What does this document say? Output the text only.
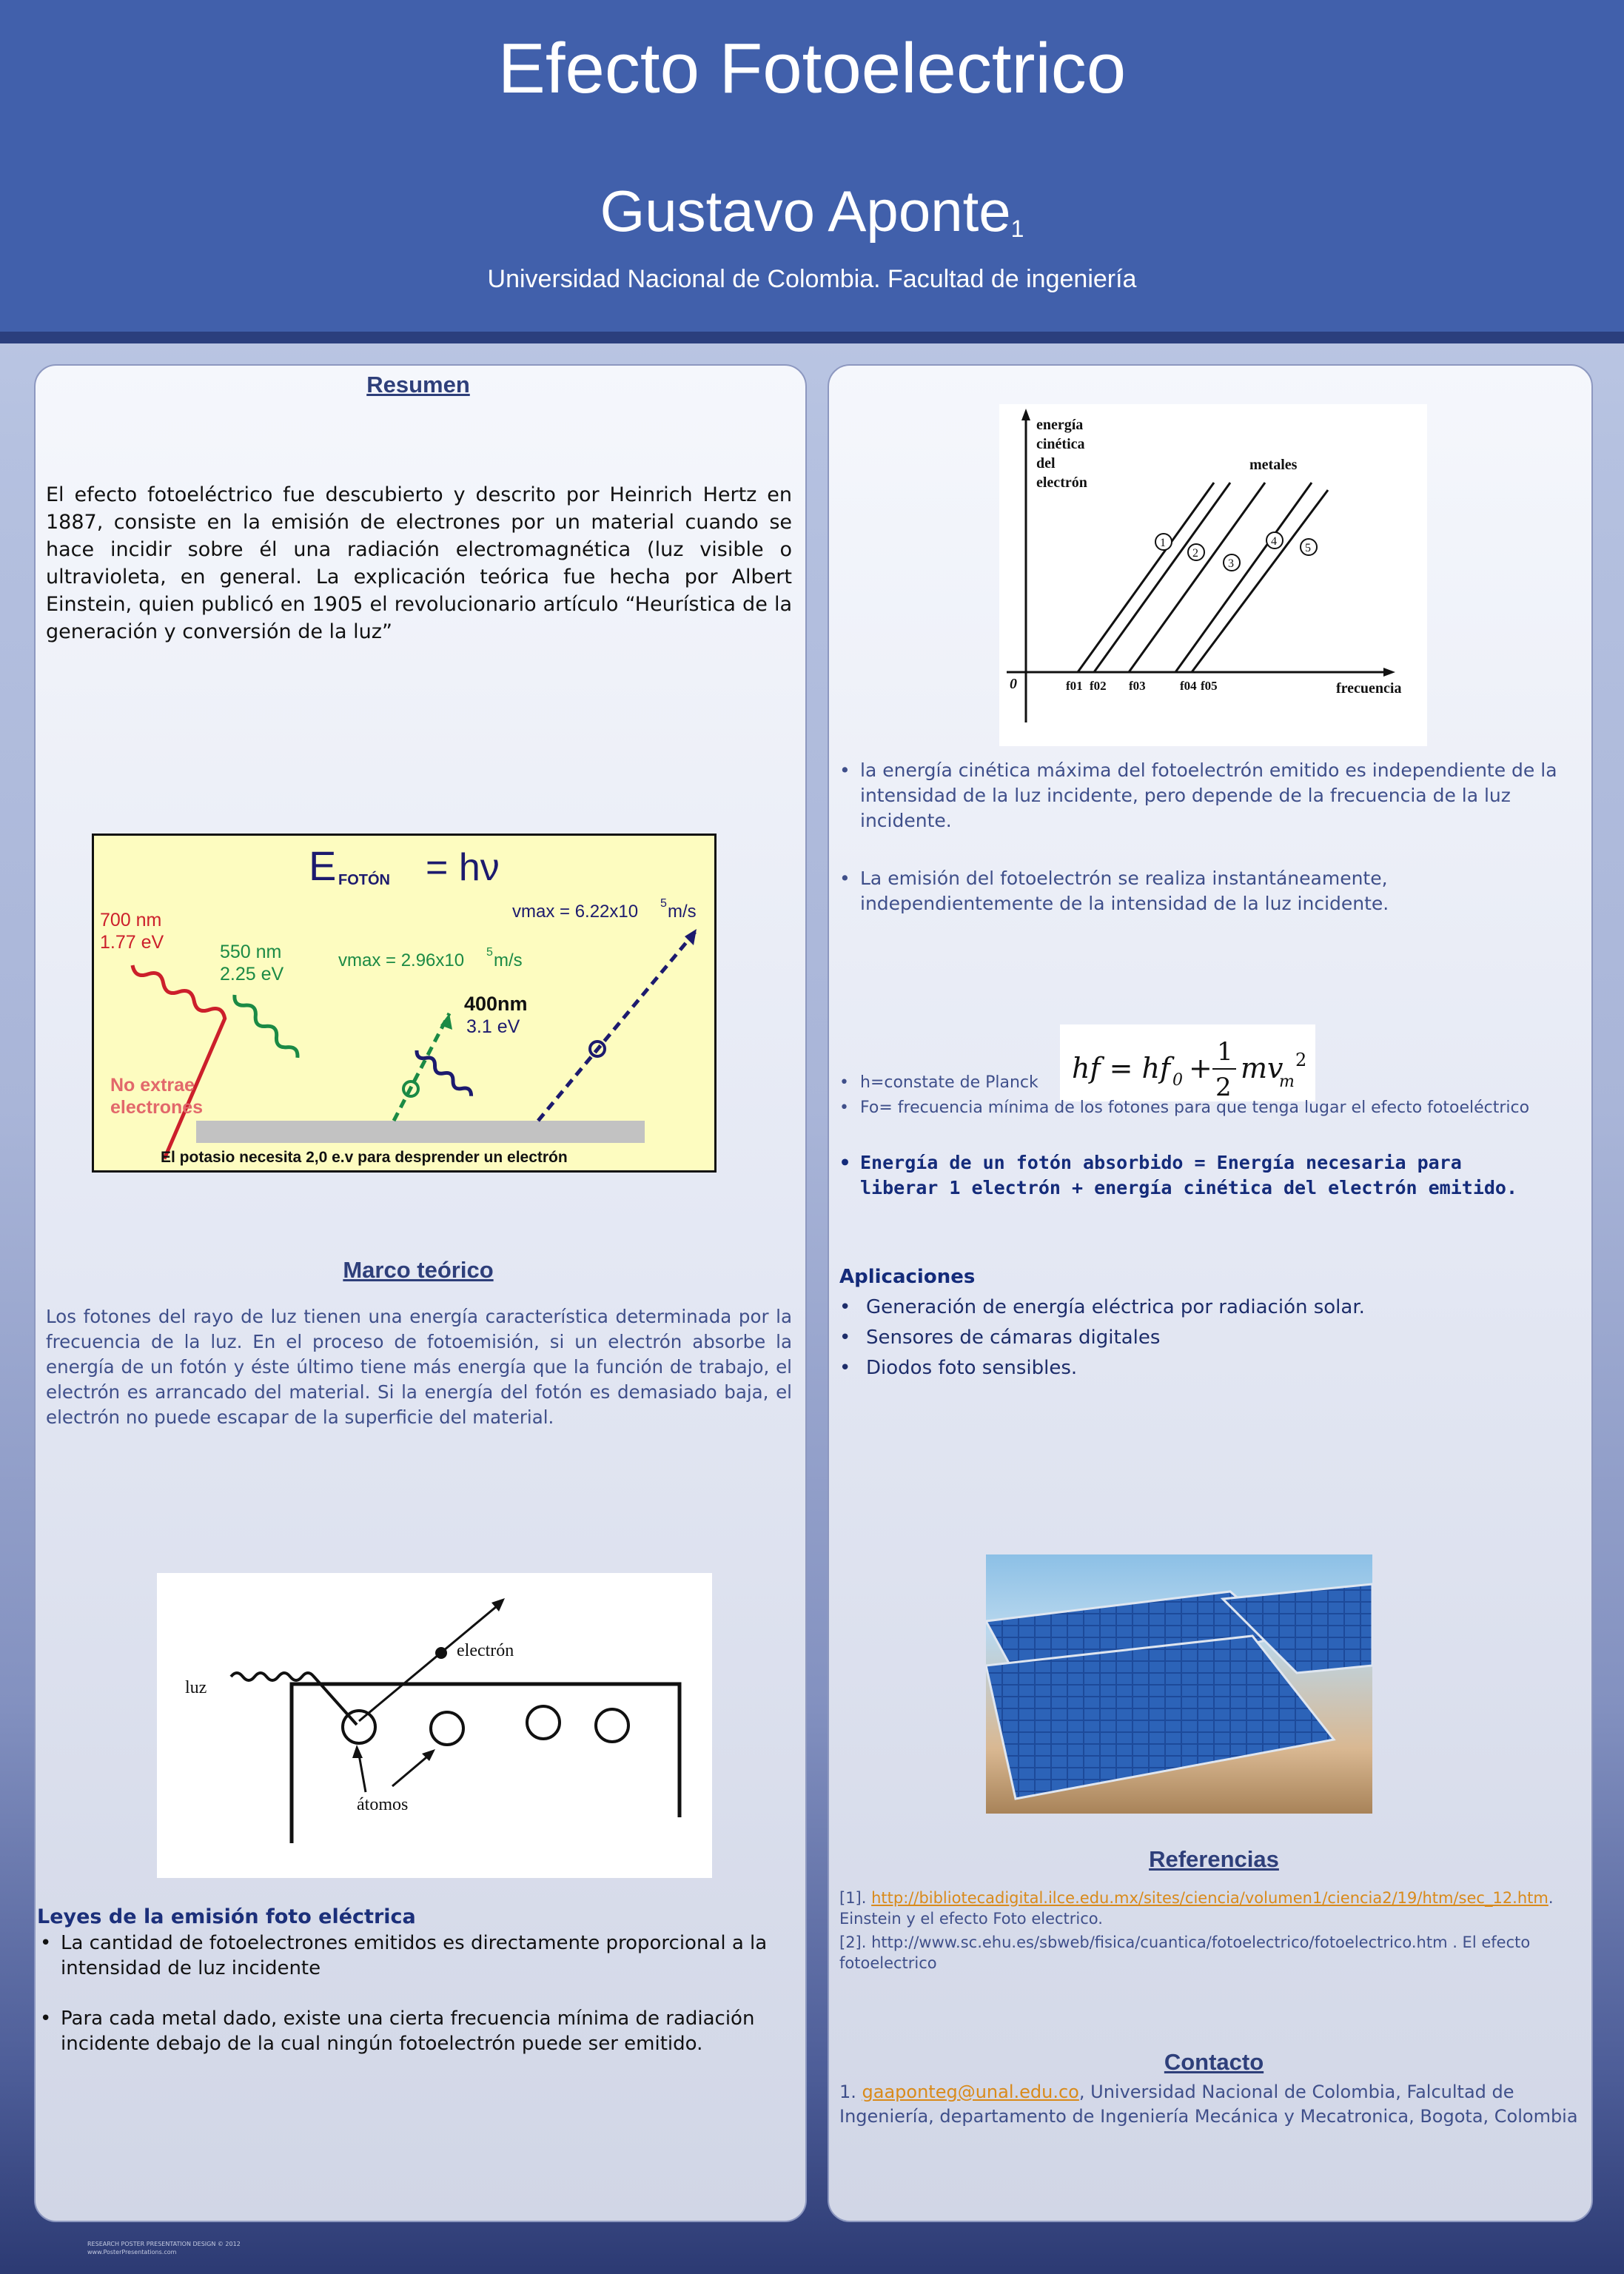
Efecto Fotoelectrico
Gustavo Aponte$^1$
Universidad Nacional de Colombia. Facultad de ingeniería
Resumen
El efecto fotoeléctrico fue descubierto y descrito por Heinrich Hertz en 1887, consiste en la emisión de electrones por un material cuando se hace incidir sobre él una radiación electromagnética (luz visible o ultravioleta, en general. La explicación teórica fue hecha por Albert Einstein, quien publicó en 1905 el revolucionario artículo “Heurística de la generación y conversión de la luz”
E FOTÓN = hν
700 nm
1.77 eV	550 nm
2.25 eV
vmax = 2.96x10 5 m/s
vmax = 6.22x10 5 m/s
400nm
3.1 eV
No extrae
electrones
El potasio necesita 2,0 e.v para desprender un electrón
Marco teórico
Los fotones del rayo de luz tienen una energía característica determinada por la frecuencia de la luz. En el proceso de fotoemisión, si un electrón absorbe la energía de un fotón y éste último tiene más energía que la función de trabajo, el electrón es arrancado del material. Si la energía del fotón es demasiado baja, el electrón no puede escapar de la superficie del material.
electrón
luz
átomos
Leyes de la emisión foto eléctrica
• La cantidad de fotoelectrones emitidos es directamente proporcional a la intensidad de luz incidente
• Para cada metal dado, existe una cierta frecuencia mínima de radiación incidente debajo de la cual ningún fotoelectrón puede ser emitido.
RESEARCH POSTER PRESENTATION DESIGN © 2012
www.PosterPresentations.com
energía
cinética
del
electrón
metales
frecuencia
0
1
2
3
4
5
f01 f02 f03	f04 f05
• la energía cinética máxima del fotoelectrón emitido es independiente de la intensidad de la luz incidente, pero depende de la frecuencia de la luz incidente.
• La emisión del fotoelectrón se realiza instantáneamente, independientemente de la intensidad de la luz incidente.
hf = hf 0 + 1
2
mv
m
2
• h=constate de Planck
• Fo= frecuencia mínima de los fotones para que tenga lugar el efecto fotoeléctrico
• Energía de un fotón absorbido = Energía necesaria para liberar 1 electrón + energía cinética del electrón emitido.
Aplicaciones
• Generación de energía eléctrica por radiación solar.
• Sensores de cámaras digitales
• Diodos foto sensibles.
Referencias
[1]. http://bibliotecadigital.ilce.edu.mx/sites/ciencia/volumen1/ciencia2/19/htm/sec_12.htm. Einstein y el efecto Foto electrico.
[2]. http://www.sc.ehu.es/sbweb/fisica/cuantica/fotoelectrico/fotoelectrico.htm . El efecto fotoelectrico
Contacto
1. gaaponteg@unal.edu.co, Universidad Nacional de Colombia, Falcultad de Ingeniería, departamento de Ingeniería Mecánica y Mecatronica, Bogota, Colombia
